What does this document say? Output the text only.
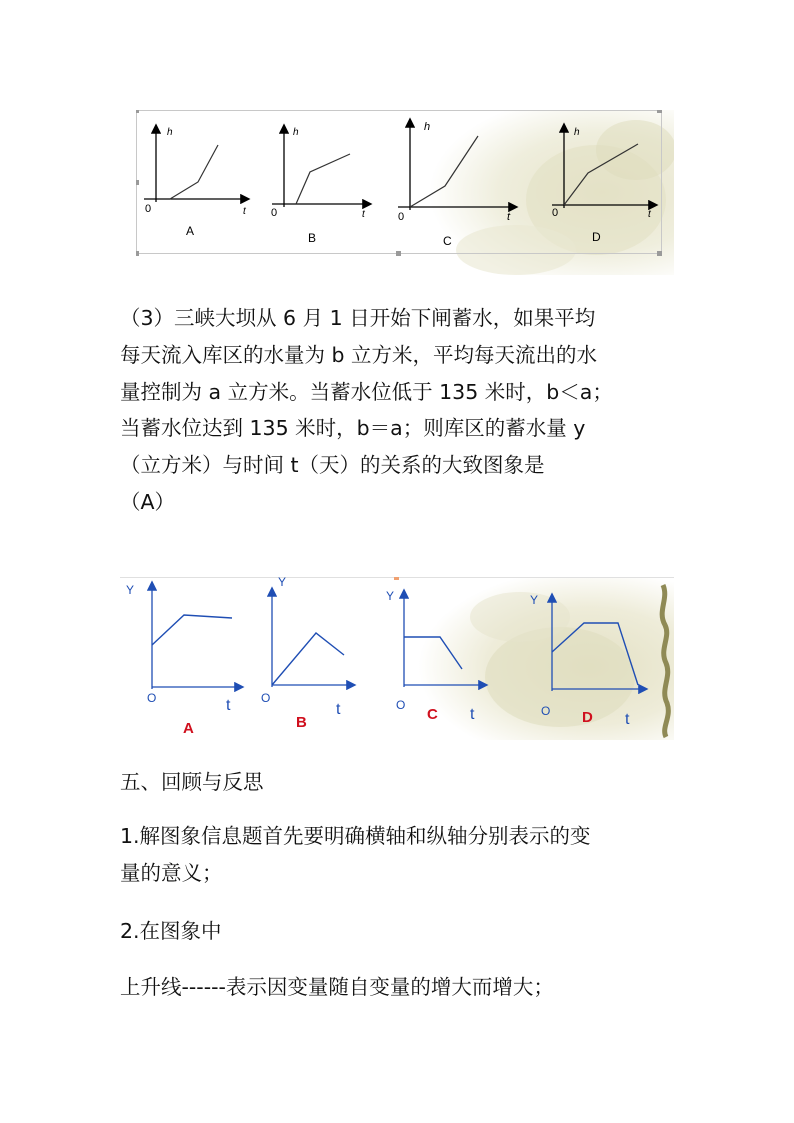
h
0	t
A
h
0	t
B
h
0	t
C
h
0	t
D
（3）三峡大坝从 6 月 1 日开始下闸蓄水，如果平均
每天流入库区的水量为 b 立方米，平均每天流出的水
量控制为 a 立方米。当蓄水位低于 135 米时，b＜a；
当蓄水位达到 135 米时，b＝a；则库区的蓄水量 y
（立方米）与时间 t（天）的关系的大致图象是
（A）
Y
O	t
A
Y
O
t
B
Y
O
t
C
Y
O	t
D
五、回顾与反思
1.解图象信息题首先要明确横轴和纵轴分别表示的变
量的意义；
2.在图象中
上升线------表示因变量随自变量的增大而增大；
